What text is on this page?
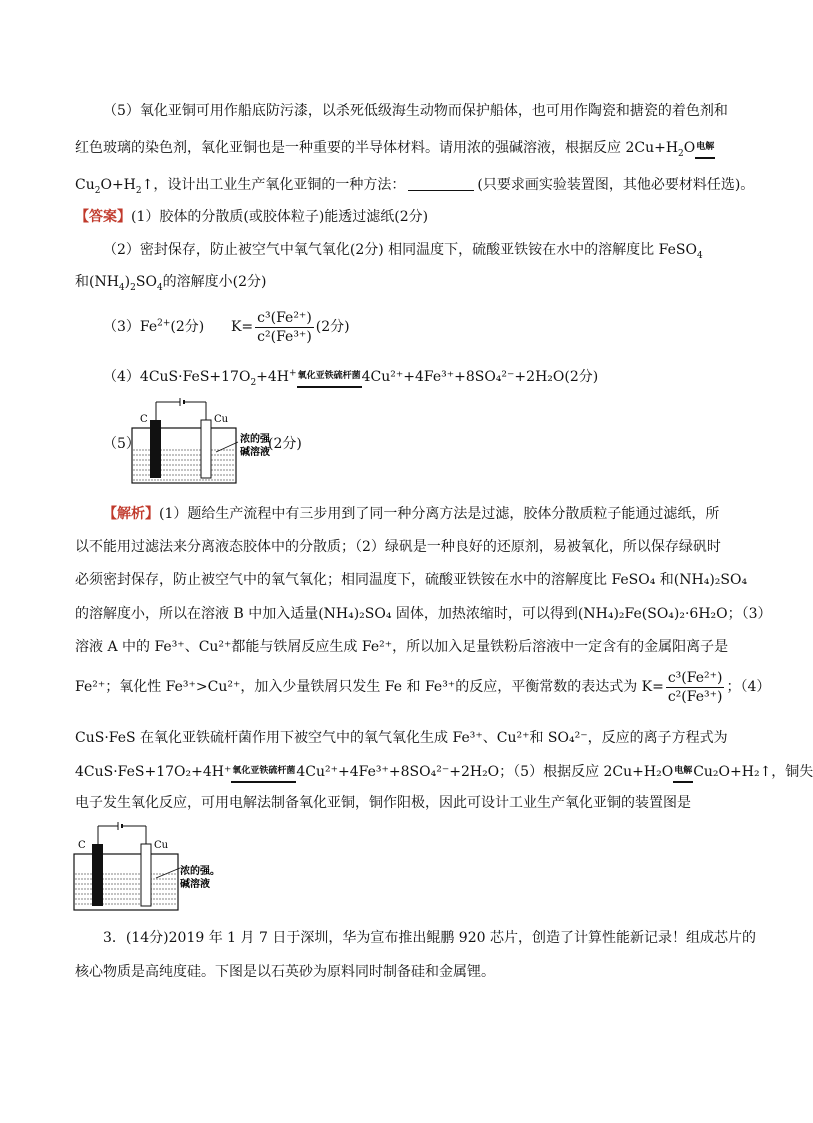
（5）氧化亚铜可用作船底防污漆，以杀死低级海生动物而保护船体，也可用作陶瓷和搪瓷的着色剂和
红色玻璃的染色剂，氧化亚铜也是一种重要的半导体材料。请用浓的强碱溶液，根据反应 $2Cu+H_2O$电解
$Cu_2O+H_2↑$，设计出工业生产氧化亚铜的一种方法：	(只要求画实验装置图，其他必要材料任选)。
【答案】(1）胶体的分散质(或胶体粒子)能透过滤纸(2分)
（2）密封保存，防止被空气中氧气氧化(2分) 相同温度下，硫酸亚铁铵在水中的溶解度比 FeSO$_4$
和$(NH_4)_2SO_4$的溶解度小(2分)
$(3)Fe^{2+}(2$分) $K= \frac{\text{c³(Fe²⁺)}}{\text{c²(Fe³⁺)}} (2$分)
$(4)4CuS\cdot FeS+17O_2+4H^+$氧化亚铁硫杆菌4Cu²⁺+4Fe³⁺+8SO₄²⁻+2H₂O(2分)
（5）
C	Cu
浓的强
碱溶液
(2分)
【解析】(1）题给生产流程中有三步用到了同一种分离方法是过滤，胶体分散质粒子能通过滤纸，所
以不能用过滤法来分离液态胶体中的分散质；（2）绿矾是一种良好的还原剂，易被氧化，所以保存绿矾时
必须密封保存，防止被空气中的氧气氧化；相同温度下，硫酸亚铁铵在水中的溶解度比 FeSO₄ 和(NH₄)₂SO₄
的溶解度小，所以在溶液 B 中加入适量(NH₄)₂SO₄ 固体，加热浓缩时，可以得到(NH₄)₂Fe(SO₄)₂·6H₂O；（3）
溶液 A 中的 Fe³⁺、Cu²⁺都能与铁屑反应生成 Fe²⁺，所以加入足量铁粉后溶液中一定含有的金属阳离子是
Fe²⁺；氧化性 Fe³⁺>Cu²⁺，加入少量铁屑只发生 Fe 和 Fe³⁺的反应，平衡常数的表达式为 $K= \frac{\text{c³(Fe²⁺)}}{\text{c²(Fe³⁺)}}$ ；（4）
CuS·FeS 在氧化亚铁硫杆菌作用下被空气中的氧气氧化生成 Fe³⁺、Cu²⁺和 SO₄²⁻，反应的离子方程式为
4CuS·FeS+17O₂+4H⁺氧化亚铁硫杆菌4Cu²⁺+4Fe³⁺+8SO₄²⁻+2H₂O；（5）根据反应 2Cu+H₂O电解Cu₂O+H₂↑，铜失
电子发生氧化反应，可用电解法制备氧化亚铜，铜作阳极，因此可设计工业生产氧化亚铜的装置图是
C	Cu
浓的强。
碱溶液
3．(14分)2019 年 1 月 7 日于深圳，华为宣布推出鲲鹏 920 芯片，创造了计算性能新记录！组成芯片的
核心物质是高纯度硅。下图是以石英砂为原料同时制备硅和金属锂。
